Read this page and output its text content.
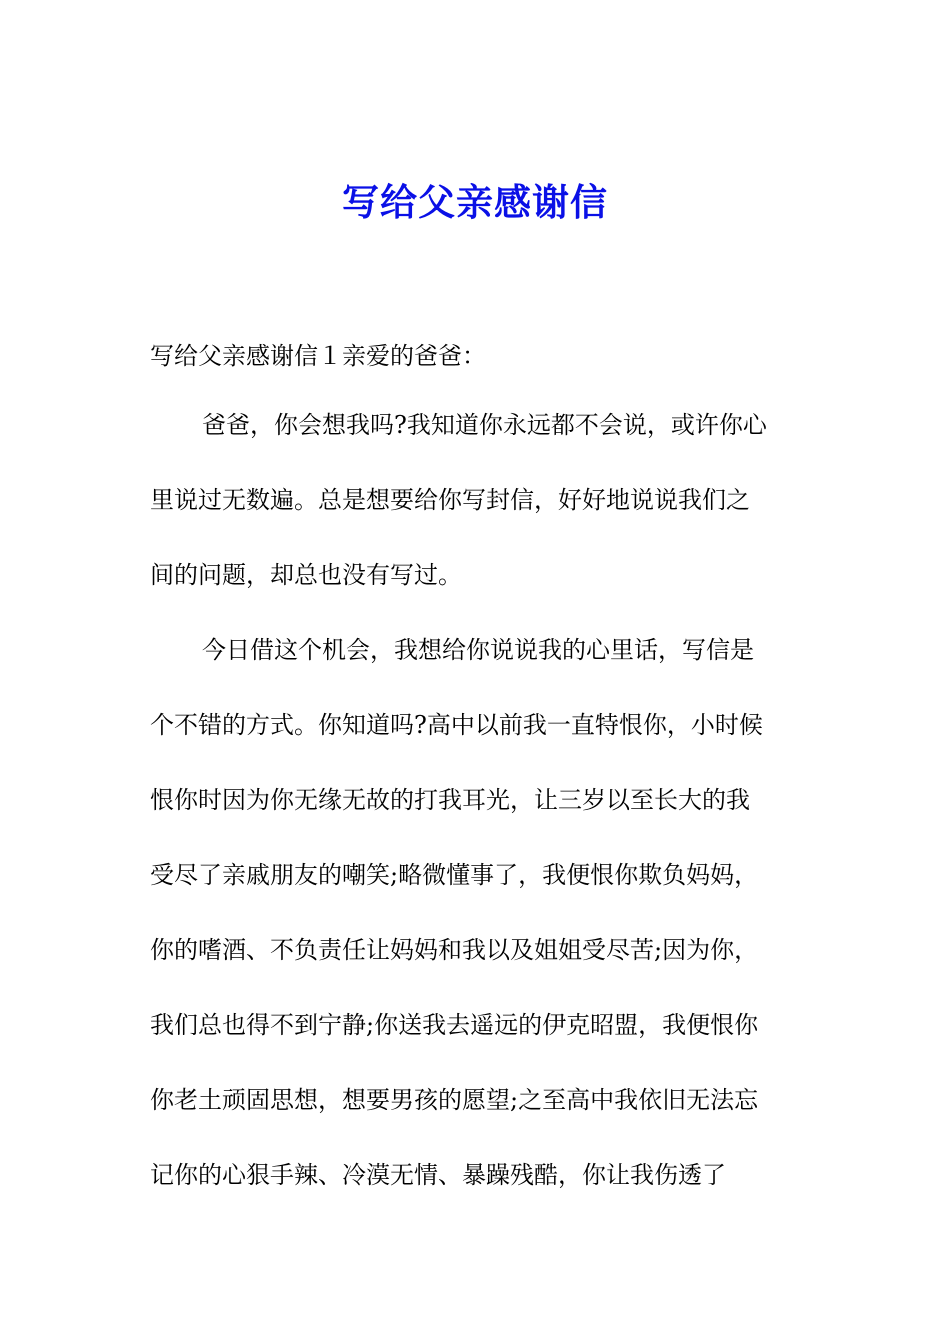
写给父亲感谢信
写给父亲感谢信１亲爱的爸爸：
爸爸，你会想我吗?我知道你永远都不会说，或许你心
里说过无数遍。总是想要给你写封信，好好地说说我们之
间的问题，却总也没有写过。
今日借这个机会，我想给你说说我的心里话，写信是
个不错的方式。你知道吗?高中以前我一直特恨你，小时候
恨你时因为你无缘无故的打我耳光，让三岁以至长大的我
受尽了亲戚朋友的嘲笑;略微懂事了，我便恨你欺负妈妈，
你的嗜酒、不负责任让妈妈和我以及姐姐受尽苦;因为你，
我们总也得不到宁静;你送我去遥远的伊克昭盟，我便恨你
你老土顽固思想，想要男孩的愿望;之至高中我依旧无法忘
记你的心狠手辣、冷漠无情、暴躁残酷，你让我伤透了
